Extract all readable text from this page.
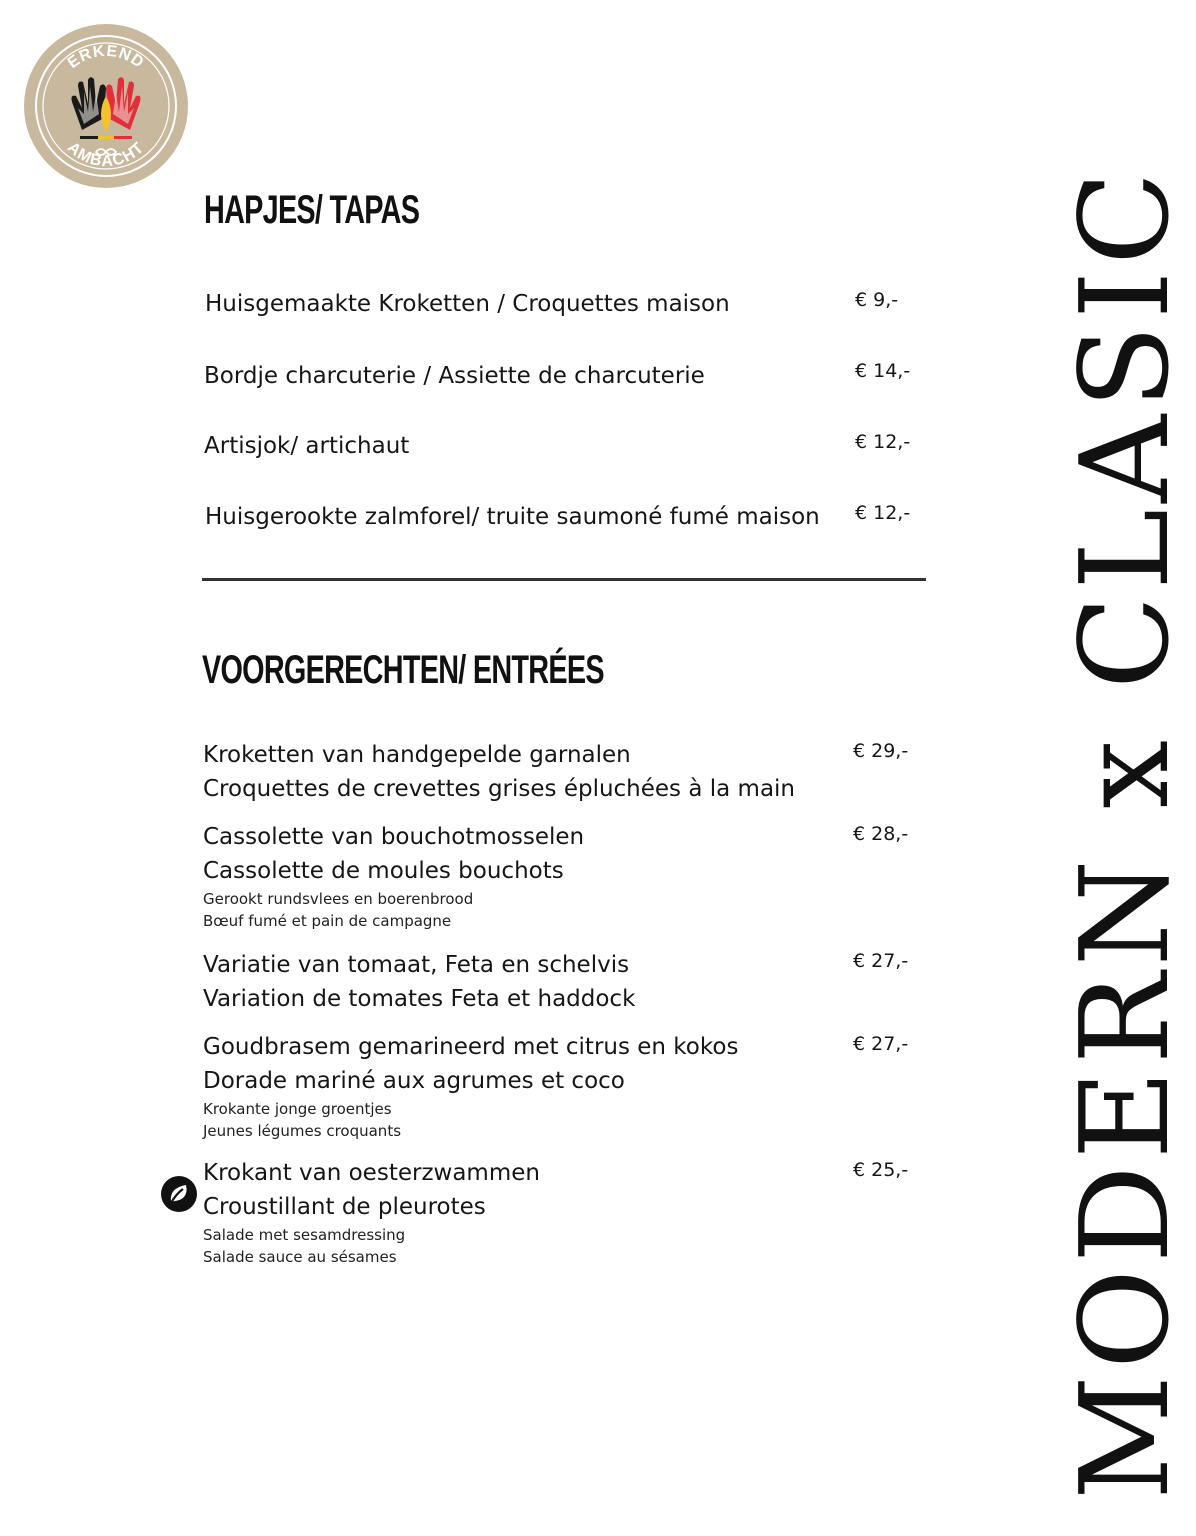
ERKEND
AMBACHT
HAPJES/ TAPAS
Huisgemaakte Kroketten / Croquettes maison	€ 9,-
Bordje charcuterie / Assiette de charcuterie	€ 14,-
Artisjok/ artichaut	€ 12,-
Huisgerookte zalmforel/ truite saumoné fumé maison € 12,-
VOORGERECHTEN/ ENTRÉES
Kroketten van handgepelde garnalen
Croquettes de crevettes grises épluchées à la main
€ 29,-
Cassolette van bouchotmosselen
Cassolette de moules bouchots
Gerookt rundsvlees en boerenbrood
Bœuf fumé et pain de campagne
€ 28,-
Variatie van tomaat, Feta en schelvis
Variation de tomates Feta et haddock
€ 27,-
Goudbrasem gemarineerd met citrus en kokos
Dorade mariné aux agrumes et coco
Krokante jonge groentjes
Jeunes légumes croquants
€ 27,-
Krokant van oesterzwammen
Croustillant de pleurotes
Salade met sesamdressing
Salade sauce au sésames
€ 25,- MODERN x CLASIC
